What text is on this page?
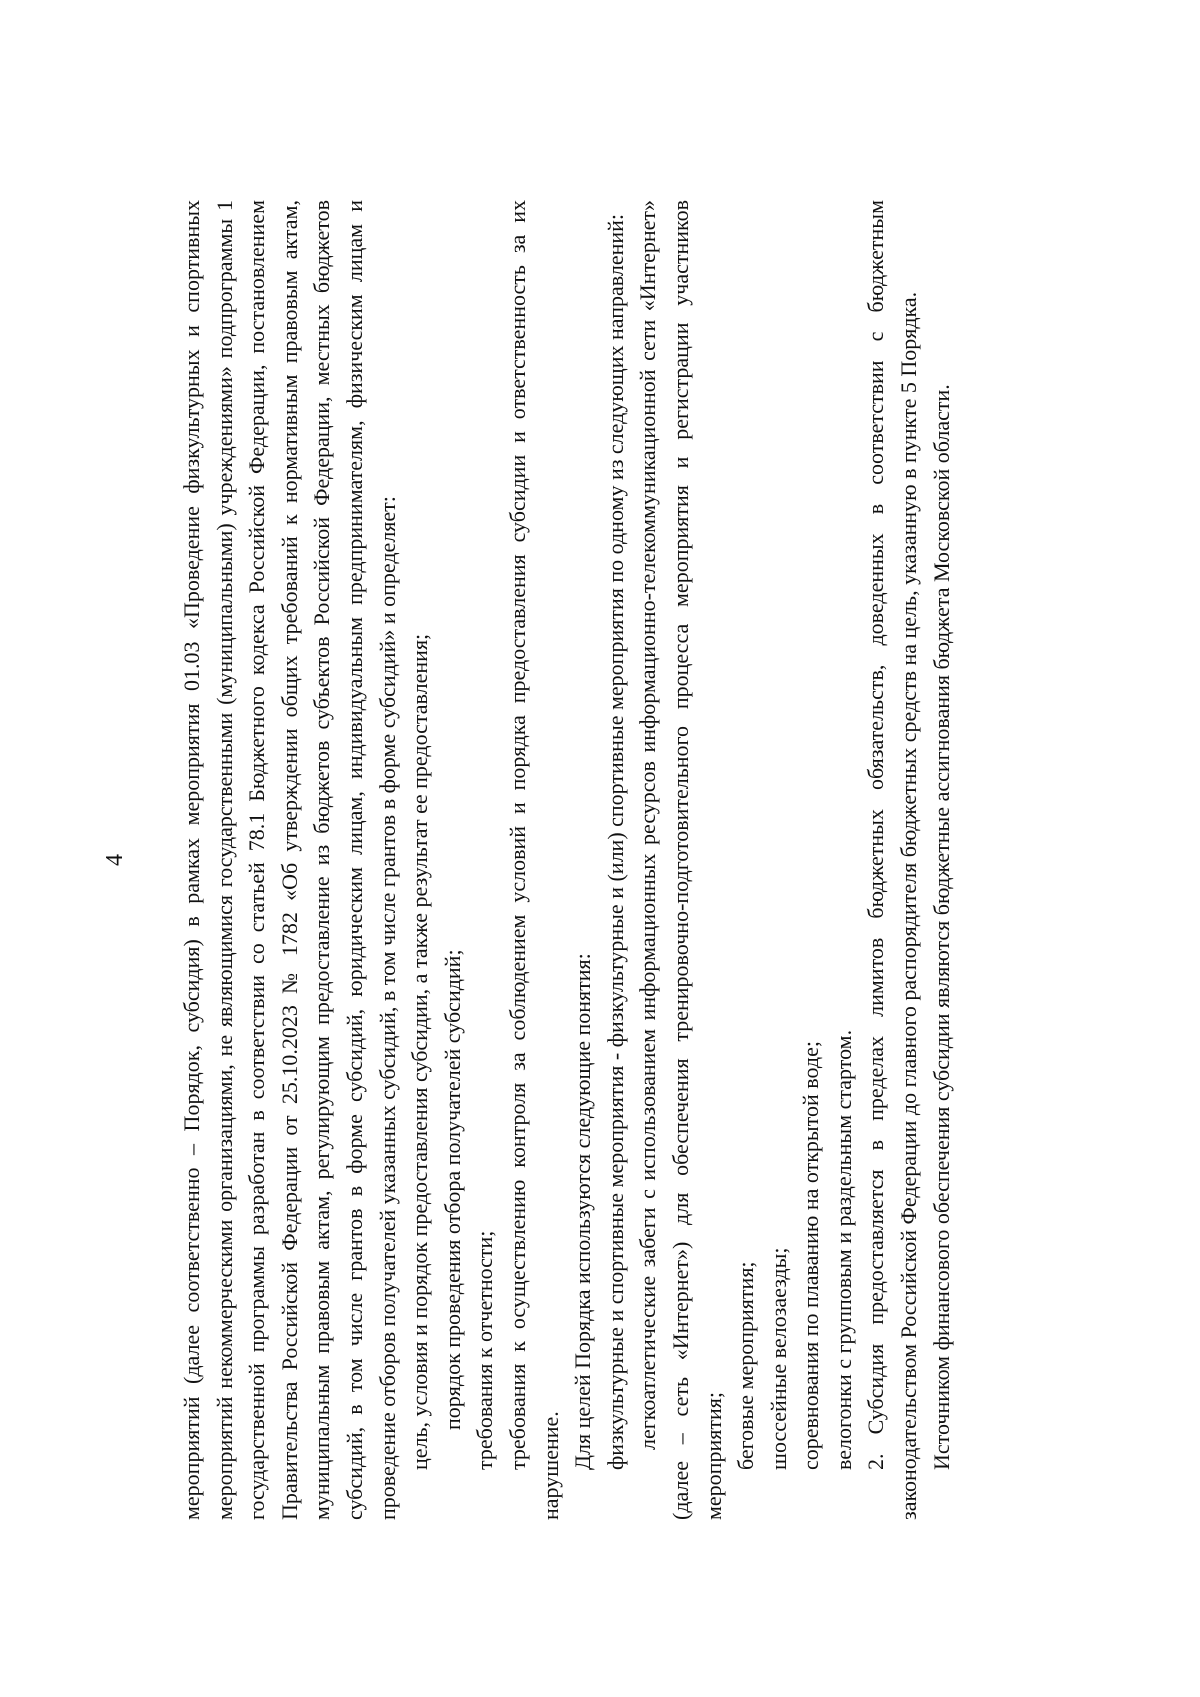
4 мероприятий (далее соответственно – Порядок, субсидия) в рамках мероприятия 01.03 «Проведение физкультурных и спортивных мероприятий некоммерческими организациями, не являющимися государственными (муниципальными) учреждениями» подпрограммы 1 государственной программы разработан в соответствии со статьей 78.1 Бюджетного кодекса Российской Федерации, постановлением Правительства Российской Федерации от 25.10.2023 № 1782 «Об утверждении общих требований к нормативным правовым актам, муниципальным правовым актам, регулирующим предоставление из бюджетов субъектов Российской Федерации, местных бюджетов субсидий, в том числе грантов в форме субсидий, юридическим лицам, индивидуальным предпринимателям, физическим лицам и проведение отборов получателей указанных субсидий, в том числе грантов в форме субсидий» и определяет: цель, условия и порядок предоставления субсидии, а также результат ее предоставления; порядок проведения отбора получателей субсидий; требования к отчетности; требования к осуществлению контроля за соблюдением условий и порядка предоставления субсидии и ответственность за их нарушение. Для целей Порядка используются следующие понятия: физкультурные и спортивные мероприятия - физкультурные и (или) спортивные мероприятия по одному из следующих направлений: легкоатлетические забеги с использованием информационных ресурсов информационно-телекоммуникационной сети «Интернет» (далее – сеть «Интернет») для обеспечения тренировочно-подготовительного процесса мероприятия и регистрации участников мероприятия; беговые мероприятия; шоссейные велозаезды; соревнования по плаванию на открытой воде; велогонки с групповым и раздельным стартом. 2. Субсидия предоставляется в пределах лимитов бюджетных обязательств, доведенных в соответствии с бюджетным законодательством Российской Федерации до главного распорядителя бюджетных средств на цель, указанную в пункте 5 Порядка. Источником финансового обеспечения субсидии являются бюджетные ассигнования бюджета Московской области.
